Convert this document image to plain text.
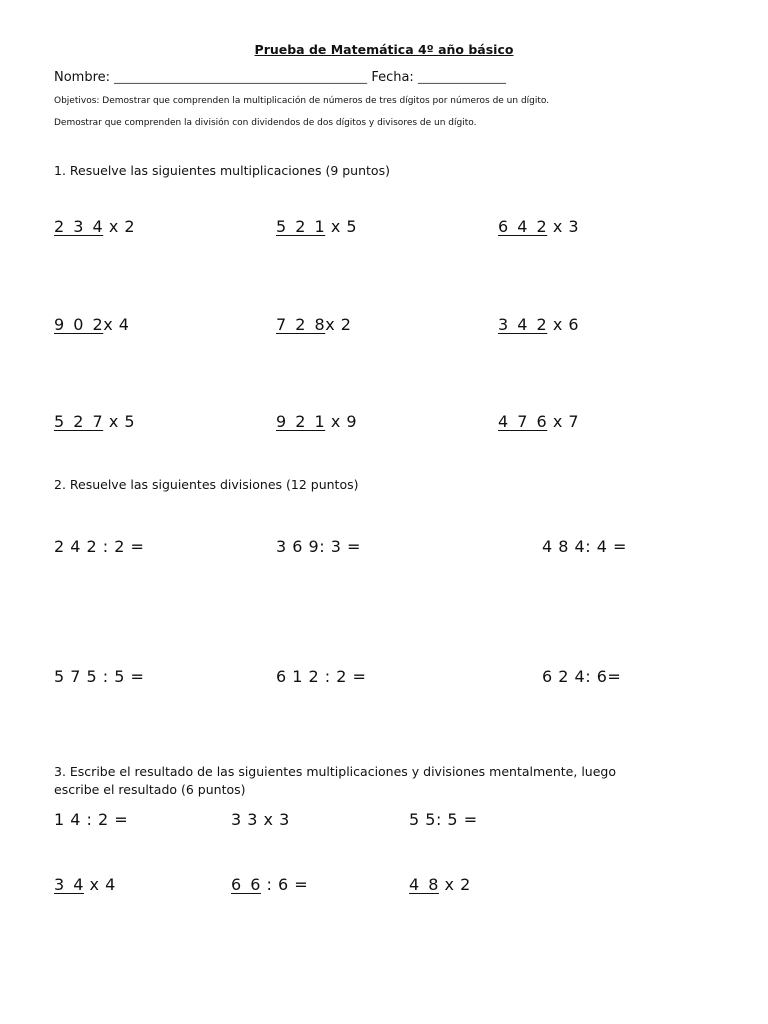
Prueba de Matemática 4º año básico
Nombre: ______________________________________________ Fecha: ________________
Objetivos: Demostrar que comprenden la multiplicación de números de tres dígitos por números de un dígito.
Demostrar que comprenden la división con dividendos de dos dígitos y divisores de un dígito.
1. Resuelve las siguientes multiplicaciones (9 puntos)
2 3 4 x 2	5 2 1 x 5	6 4 2 x 3
9 0 2x 4	7 2 8x 2	3 4 2 x 6
5 2 7 x 5	9 2 1 x 9	4 7 6 x 7
2. Resuelve las siguientes divisiones (12 puntos)
2 4 2 : 2 =	3 6 9: 3 =	4 8 4: 4 =
5 7 5 : 5 =	6 1 2 : 2 =	6 2 4: 6=
3. Escribe el resultado de las siguientes multiplicaciones y divisiones mentalmente, luego
escribe el resultado (6 puntos)
1 4 : 2 =	3 3 x 3	5 5: 5 =
3 4 x 4	6 6 : 6 =	4 8 x 2
